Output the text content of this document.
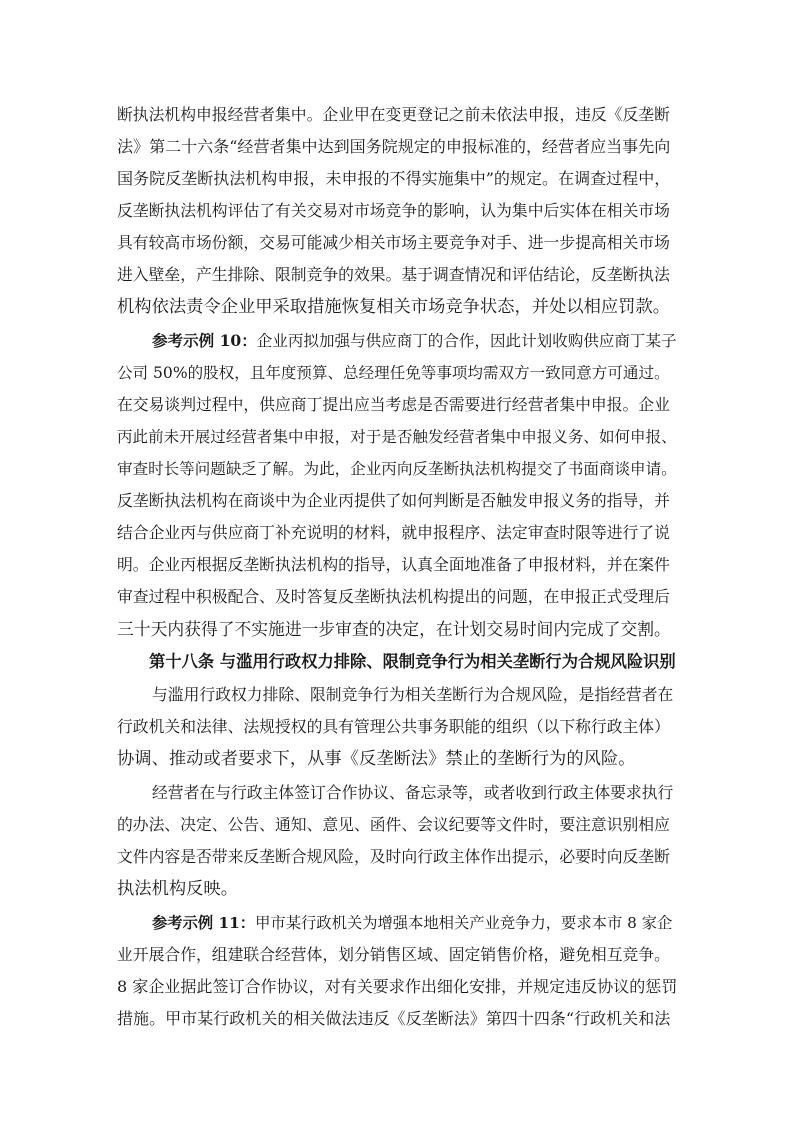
断执法机构申报经营者集中。企业甲在变更登记之前未依法申报，违反《反垄断
法》第二十六条“经营者集中达到国务院规定的申报标准的，经营者应当事先向
国务院反垄断执法机构申报，未申报的不得实施集中”的规定。在调查过程中，
反垄断执法机构评估了有关交易对市场竞争的影响，认为集中后实体在相关市场
具有较高市场份额，交易可能减少相关市场主要竞争对手、进一步提高相关市场
进入壁垒，产生排除、限制竞争的效果。基于调查情况和评估结论，反垄断执法
机构依法责令企业甲采取措施恢复相关市场竞争状态，并处以相应罚款。
参考示例 10：企业丙拟加强与供应商丁的合作，因此计划收购供应商丁某子
公司 50%的股权，且年度预算、总经理任免等事项均需双方一致同意方可通过。
在交易谈判过程中，供应商丁提出应当考虑是否需要进行经营者集中申报。企业
丙此前未开展过经营者集中申报，对于是否触发经营者集中申报义务、如何申报、
审查时长等问题缺乏了解。为此，企业丙向反垄断执法机构提交了书面商谈申请。
反垄断执法机构在商谈中为企业丙提供了如何判断是否触发申报义务的指导，并
结合企业丙与供应商丁补充说明的材料，就申报程序、法定审查时限等进行了说
明。企业丙根据反垄断执法机构的指导，认真全面地准备了申报材料，并在案件
审查过程中积极配合、及时答复反垄断执法机构提出的问题，在申报正式受理后
三十天内获得了不实施进一步审查的决定，在计划交易时间内完成了交割。
第十八条 与滥用行政权力排除、限制竞争行为相关垄断行为合规风险识别
与滥用行政权力排除、限制竞争行为相关垄断行为合规风险，是指经营者在
行政机关和法律、法规授权的具有管理公共事务职能的组织（以下称行政主体）
协调、推动或者要求下，从事《反垄断法》禁止的垄断行为的风险。
经营者在与行政主体签订合作协议、备忘录等，或者收到行政主体要求执行
的办法、决定、公告、通知、意见、函件、会议纪要等文件时，要注意识别相应
文件内容是否带来反垄断合规风险，及时向行政主体作出提示，必要时向反垄断
执法机构反映。
参考示例 11：甲市某行政机关为增强本地相关产业竞争力，要求本市 8 家企
业开展合作，组建联合经营体，划分销售区域、固定销售价格，避免相互竞争。
8 家企业据此签订合作协议，对有关要求作出细化安排，并规定违反协议的惩罚
措施。甲市某行政机关的相关做法违反《反垄断法》第四十四条“行政机关和法
